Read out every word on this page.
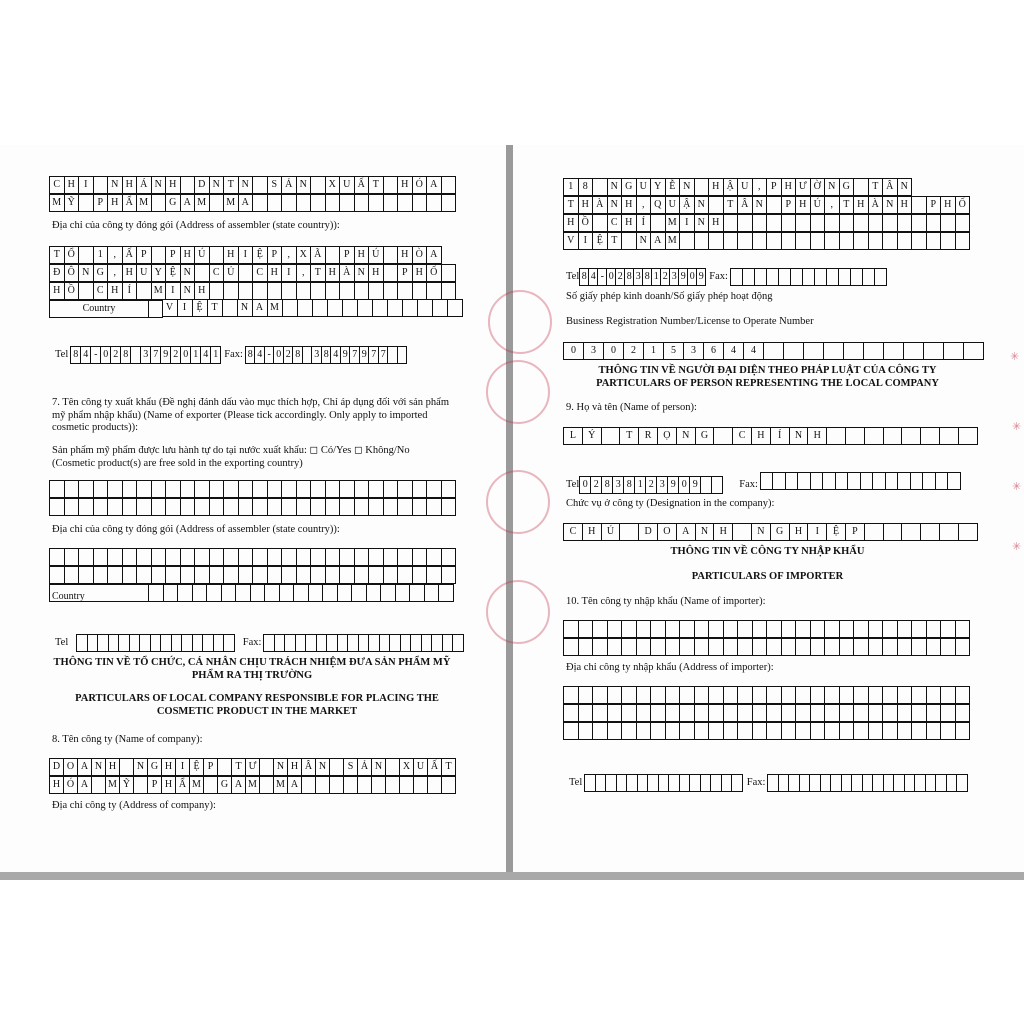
✳
✳
✳
✳
C H I	N H Á N H	D N T N	S Ả N	X U Ấ T	H Ó A
M Ỹ	P H Ẩ M	G A M	M A
Địa chỉ của công ty đóng gói (Address of assembler (state country)):
T Ổ	1	, Ấ P	P H Ú	H I Ệ P	, X Ã	P H Ú	H Ò A
Đ Ô N G , H U Y Ệ N	C Ủ	C H I	,	T H À N H	P H Ố
H Ồ	C H Í	M I N H
Country	V I	Ệ T	N A M
Tel 8 4 - 0 2 8	3 7 9 2 0 1 4 1 Fax: 8 4 - 0 2 8 3 8 4 9 7 9 7 7
7. Tên công ty xuất khẩu (Đề nghị đánh dấu vào mục thích hợp, Chỉ áp dụng đối với sản phẩm mỹ phẩm nhập khẩu) (Name of exporter (Please tick accordingly. Only apply to imported cosmetic products)):
Sản phẩm mỹ phẩm được lưu hành tự do tại nước xuất khẩu: ◻ Có/Yes ◻ Không/No (Cosmetic product(s) are free sold in the exporting country)
Địa chỉ của công ty đóng gói (Address of assembler (state country)):
Country
Tel	Fax:
THÔNG TIN VỀ TỔ CHỨC, CÁ NHÂN CHỊU TRÁCH NHIỆM ĐƯA SẢN PHẨM MỸ PHẨM RA THỊ TRƯỜNG
PARTICULARS OF LOCAL COMPANY RESPONSIBLE FOR PLACING THE COSMETIC PRODUCT IN THE MARKET
8. Tên công ty (Name of company):
D O A N H	N G H I Ệ P	T Ư	N H Â N	S Ả N	X U Ấ T
H Ó A	M Ỹ	P H Ẩ M	G A M	M A
Địa chỉ công ty (Address of company):
1 8	N G U Y Ễ N	H Ậ U ,	P H Ư Ờ N G	T Â N
T H À N H , Q U Ậ N	T Â N	P H Ú ,	T H À N H	P H Ố
H Ồ	C H Í	M I N H
V I Ệ T	N A M
Tel 8 4 - 0 2 8 3 8 1 2 3 9 0 9 Fax:
Số giấy phép kinh doanh/Số giấy phép hoạt động
Business Registration Number/License to Operate Number
0	3	0	2	1	5	3	6	4	4
THÔNG TIN VỀ NGƯỜI ĐẠI DIỆN THEO PHÁP LUẬT CỦA CÔNG TY
PARTICULARS OF PERSON REPRESENTING THE LOCAL COMPANY
9. Họ và tên (Name of person):
L	Ý	T	R	Ọ	N	G	C	H	Í	N	H
Tel 0 2 8 3 8 1 2 3 9 0 9	Fax:
Chức vụ ở công ty (Designation in the company):
C	H	Ủ	D	O	A	N	H	N	G	H	I	Ệ	P
THÔNG TIN VỀ CÔNG TY NHẬP KHẨU
PARTICULARS OF IMPORTER
10. Tên công ty nhập khẩu (Name of importer):
Địa chỉ công ty nhập khẩu (Address of importer):
Tel	Fax:
